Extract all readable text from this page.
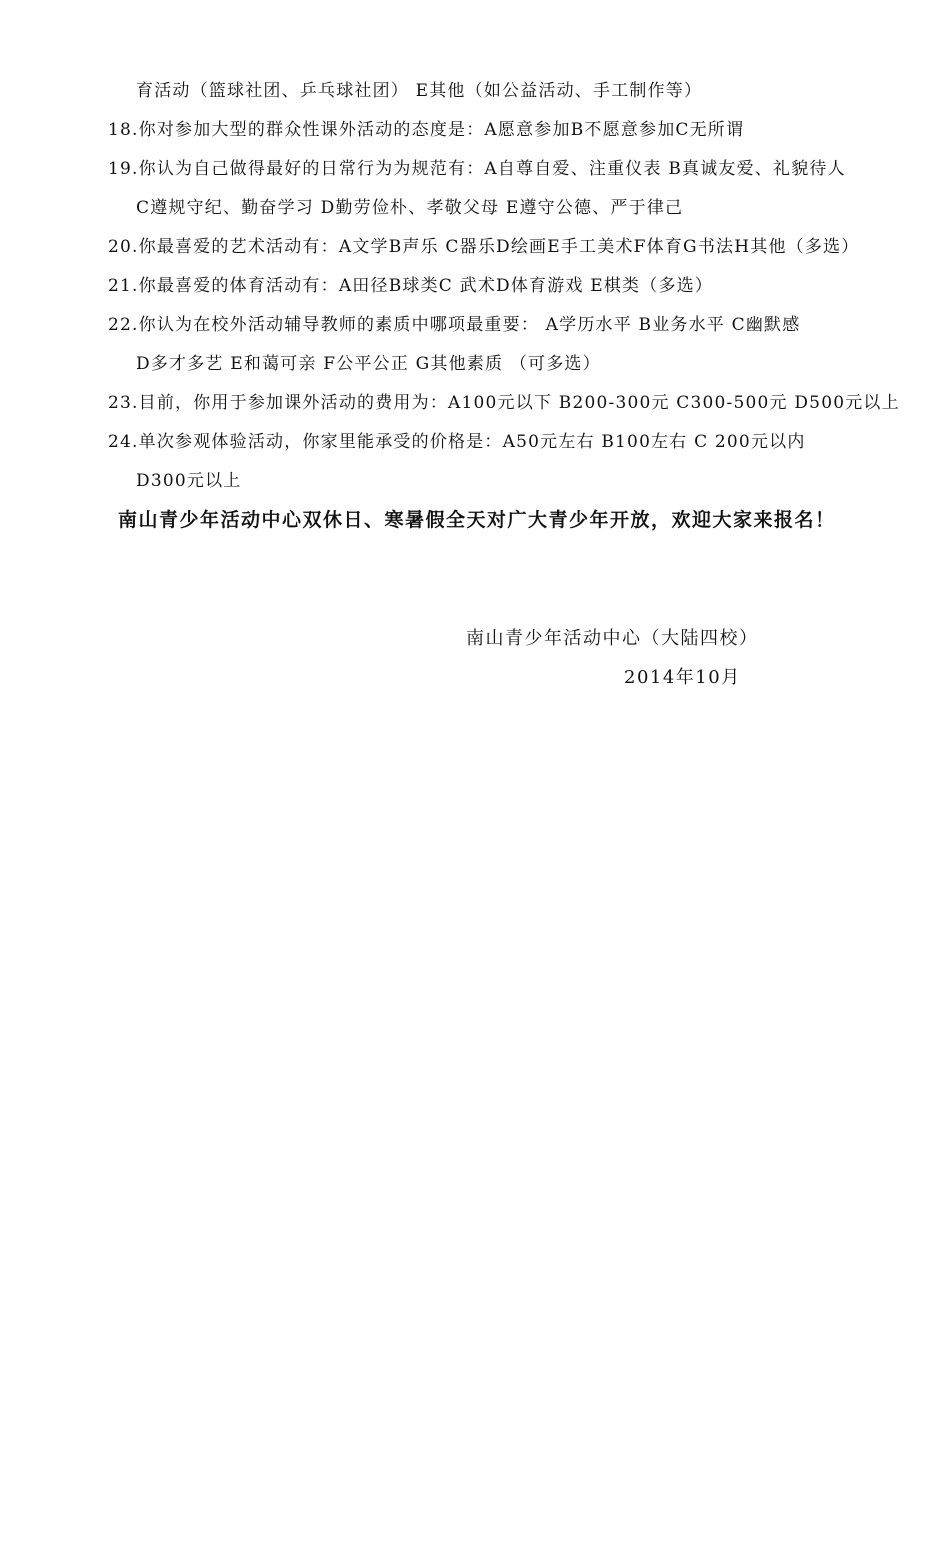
育活动（篮球社团、乒乓球社团） E其他（如公益活动、手工制作等）
18.你对参加大型的群众性课外活动的态度是：A愿意参加B不愿意参加C无所谓
19.你认为自己做得最好的日常行为为规范有：A自尊自爱、注重仪表 B真诚友爱、礼貌待人
C遵规守纪、勤奋学习 D勤劳俭朴、孝敬父母 E遵守公德、严于律己
20.你最喜爱的艺术活动有：A文学B声乐 C器乐D绘画E手工美术F体育G书法H其他（多选）
21.你最喜爱的体育活动有：A田径B球类C 武术D体育游戏 E棋类（多选）
22.你认为在校外活动辅导教师的素质中哪项最重要： A学历水平 B业务水平 C幽默感
D多才多艺 E和蔼可亲 F公平公正 G其他素质 （可多选）
23.目前，你用于参加课外活动的费用为：A100元以下 B200-300元 C300-500元 D500元以上
24.单次参观体验活动，你家里能承受的价格是：A50元左右 B100左右 C 200元以内
D300元以上
南山青少年活动中心双休日、寒暑假全天对广大青少年开放，欢迎大家来报名！
南山青少年活动中心（大陆四校）
2014年10月
